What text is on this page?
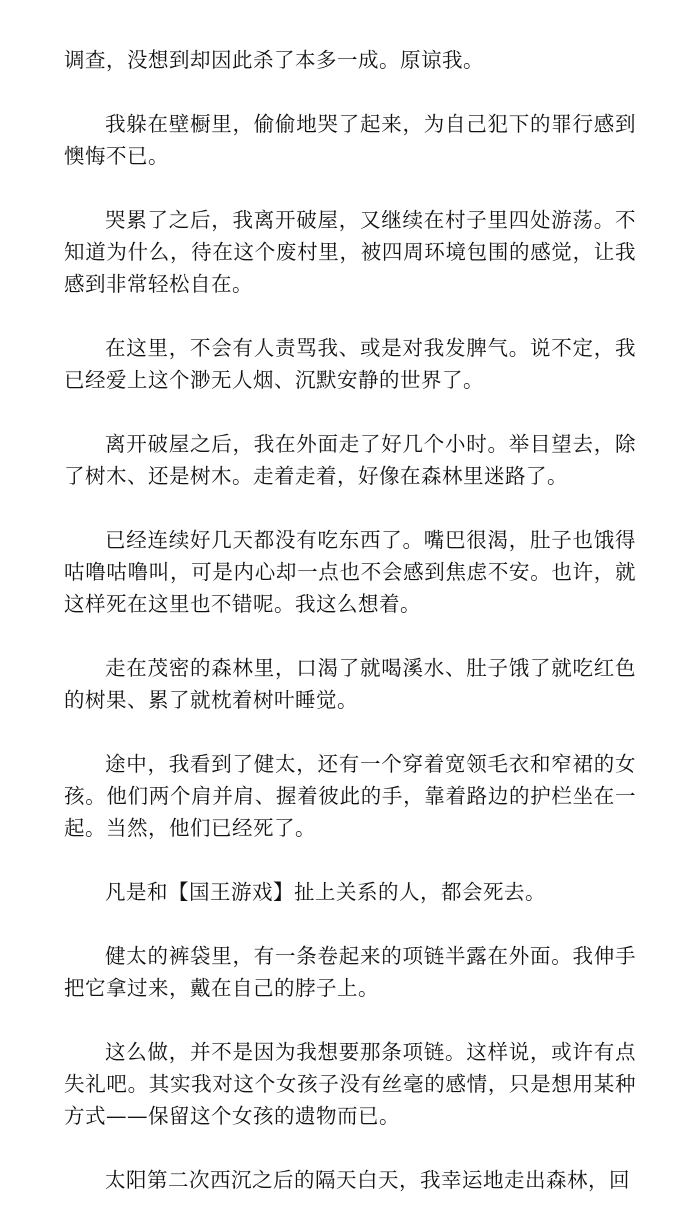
调查，没想到却因此杀了本多一成。原谅我。

我躲在壁橱里，偷偷地哭了起来，为自己犯下的罪行感到懊悔不已。

哭累了之后，我离开破屋，又继续在村子里四处游荡。不知道为什么，待在这个废村里，被四周环境包围的感觉，让我感到非常轻松自在。

在这里，不会有人责骂我、或是对我发脾气。说不定，我已经爱上这个渺无人烟、沉默安静的世界了。

离开破屋之后，我在外面走了好几个小时。举目望去，除了树木、还是树木。走着走着，好像在森林里迷路了。

已经连续好几天都没有吃东西了。嘴巴很渴，肚子也饿得咕噜咕噜叫，可是内心却一点也不会感到焦虑不安。也许，就这样死在这里也不错呢。我这么想着。

走在茂密的森林里，口渴了就喝溪水、肚子饿了就吃红色的树果、累了就枕着树叶睡觉。

途中，我看到了健太，还有一个穿着宽领毛衣和窄裙的女孩。他们两个肩并肩、握着彼此的手，靠着路边的护栏坐在一起。当然，他们已经死了。

凡是和【国王游戏】扯上关系的人，都会死去。

健太的裤袋里，有一条卷起来的项链半露在外面。我伸手把它拿过来，戴在自己的脖子上。

这么做，并不是因为我想要那条项链。这样说，或许有点失礼吧。其实我对这个女孩子没有丝毫的感情，只是想用某种方式——保留这个女孩的遗物而已。

太阳第二次西沉之后的隔天白天，我幸运地走出森林，回
